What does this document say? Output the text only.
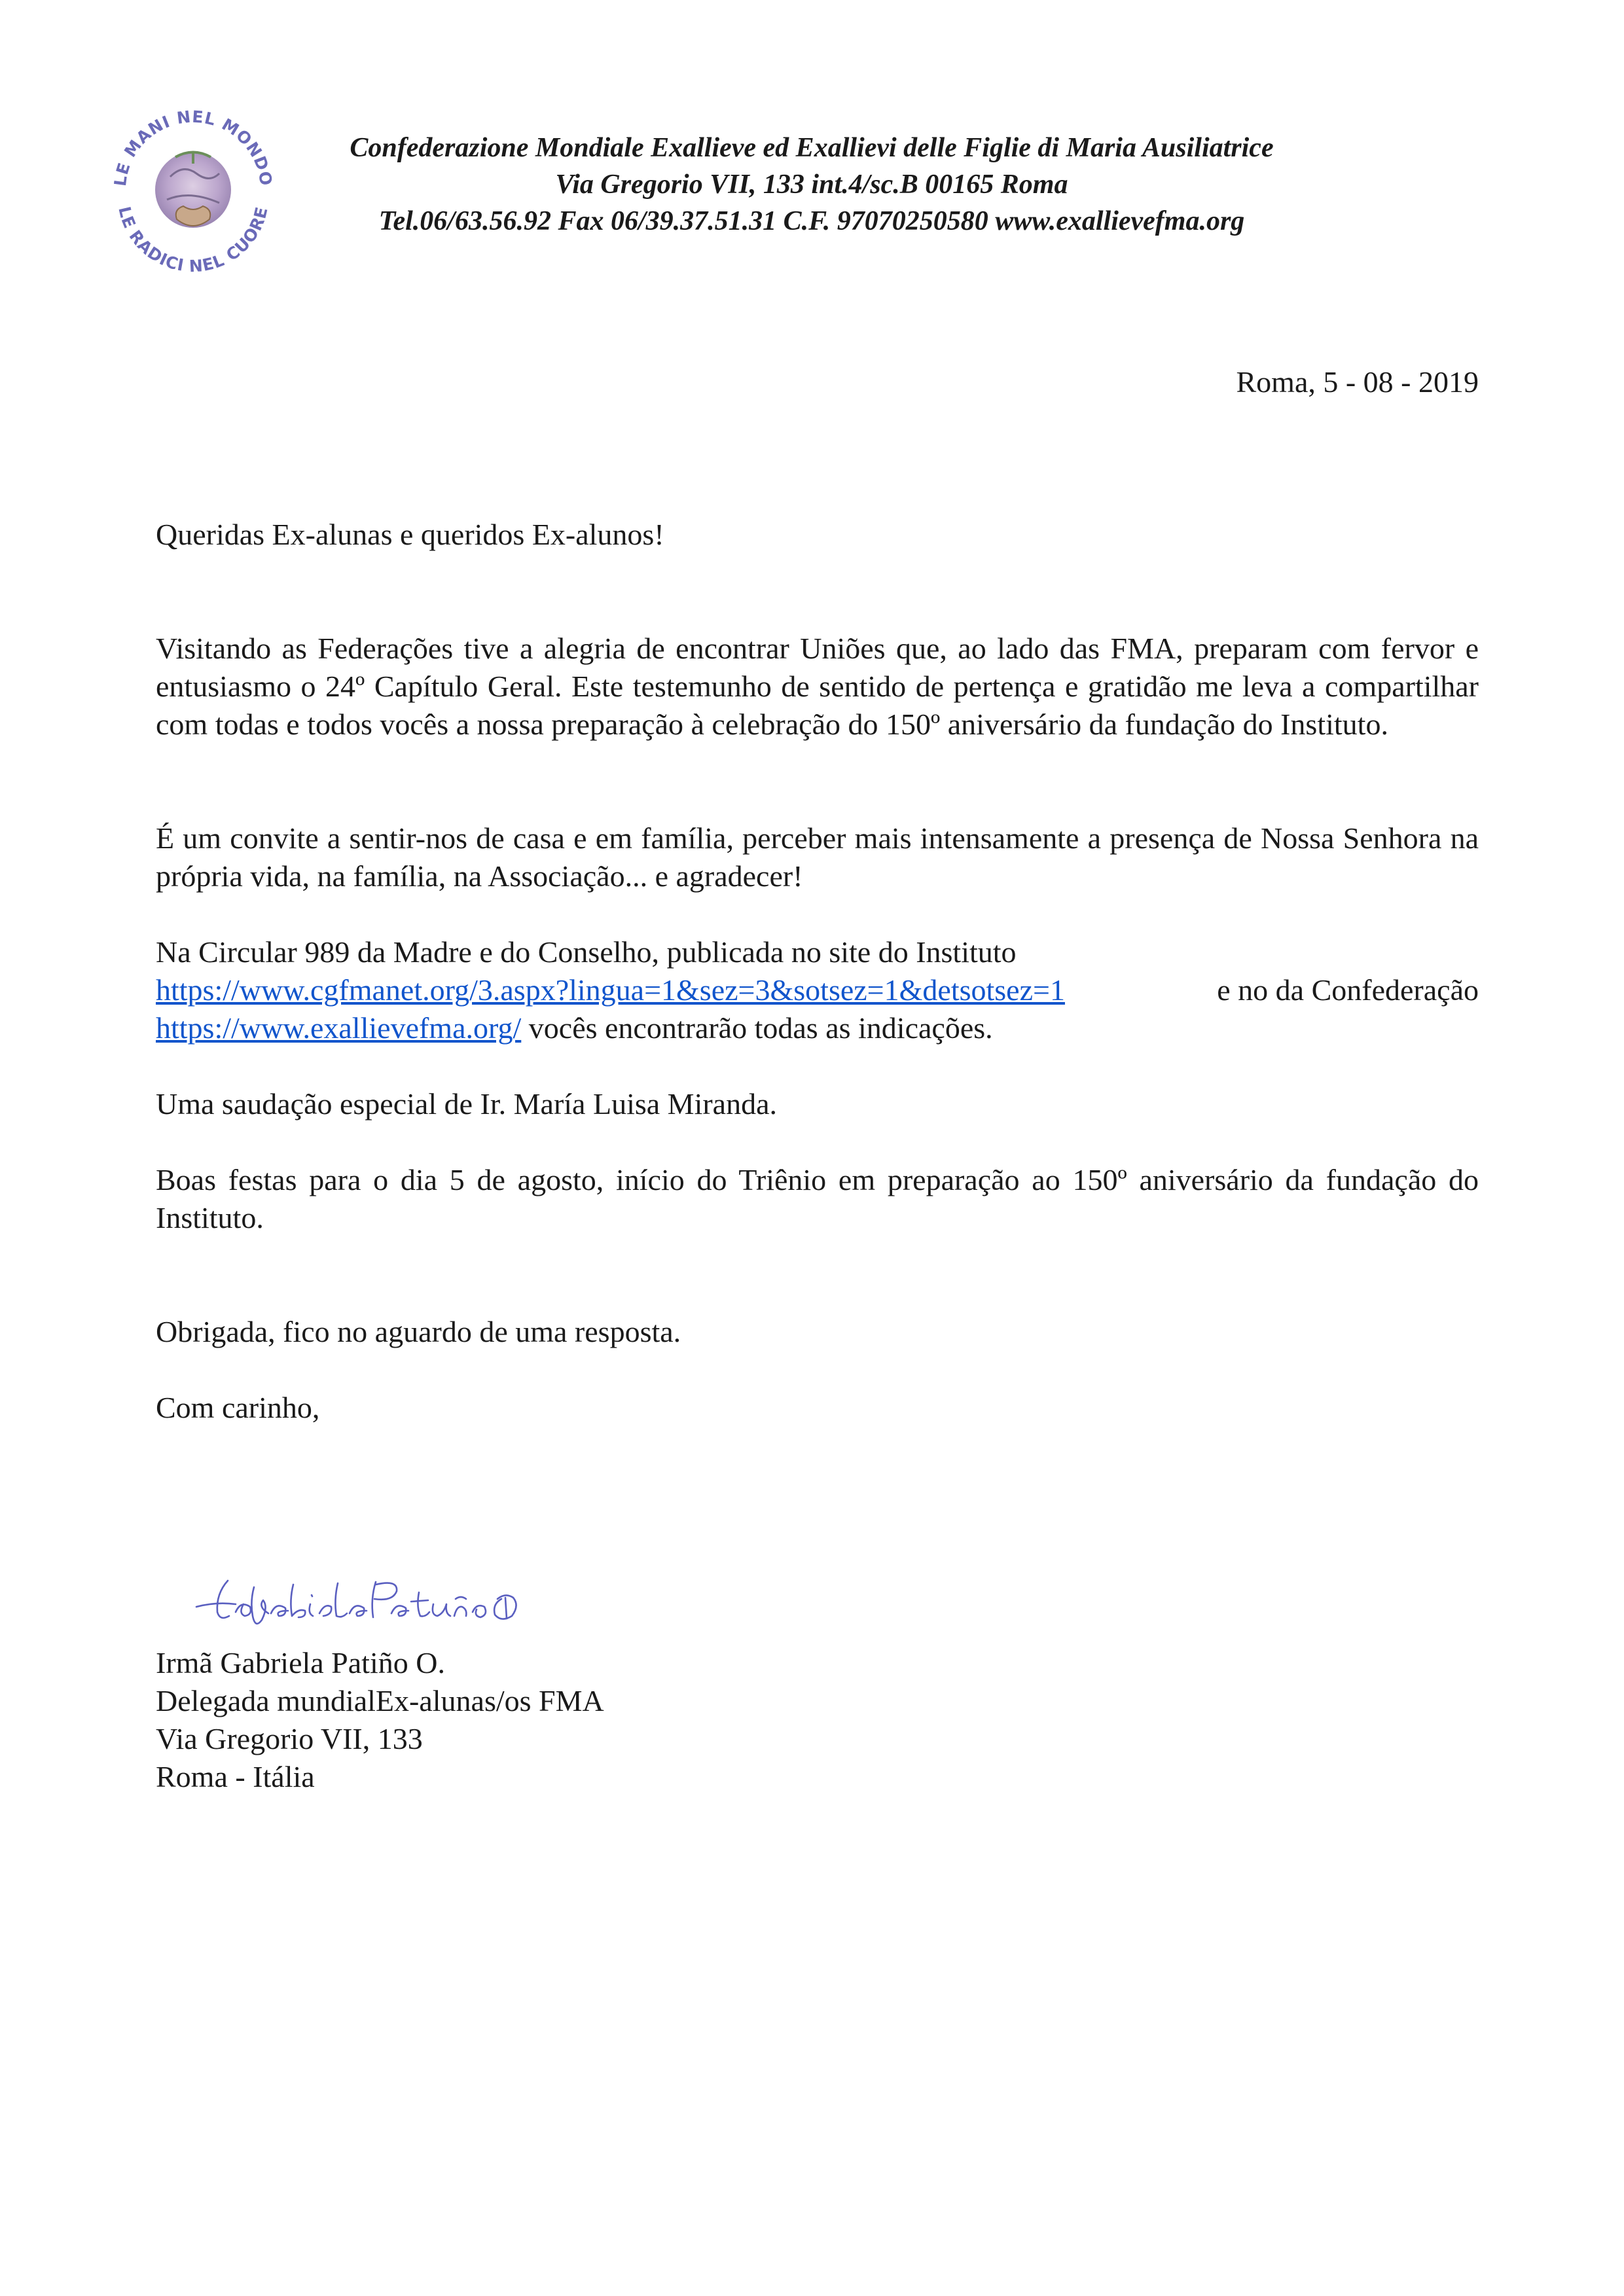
LE MANI NEL MONDO
LE RADICI NEL CUORE
Confederazione Mondiale Exallieve ed Exallievi delle Figlie di Maria Ausiliatrice
Via Gregorio VII, 133 int.4/sc.B 00165 Roma
Tel.06/63.56.92 Fax 06/39.37.51.31 C.F. 97070250580 www.exallievefma.org
Roma, 5 - 08 - 2019
Queridas Ex-alunas e queridos Ex-alunos!
Visitando as Federações tive a alegria de encontrar Uniões que, ao lado das FMA, preparam com fervor e entusiasmo o 24º Capítulo Geral. Este testemunho de sentido de pertença e gratidão me leva a compartilhar com todas e todos vocês a nossa preparação à celebração do 150º aniversário da fundação do Instituto.
É um convite a sentir-nos de casa e em família, perceber mais intensamente a presença de Nossa Senhora na própria vida, na família, na Associação... e agradecer!
Na Circular 989 da Madre e do Conselho, publicada no site do Instituto
https://www.cgfmanet.org/3.aspx?lingua=1&sez=3&sotsez=1&detsotsez=1	e no da Confederação
https://www.exallievefma.org/ vocês encontrarão todas as indicações.
Uma saudação especial de Ir. María Luisa Miranda.
Boas festas para o dia 5 de agosto, início do Triênio em preparação ao 150º aniversário da fundação do Instituto.
Obrigada, fico no aguardo de uma resposta.
Com carinho,
Irmã Gabriela Patiño O.
Delegada mundialEx-alunas/os FMA
Via Gregorio VII, 133
Roma - Itália
